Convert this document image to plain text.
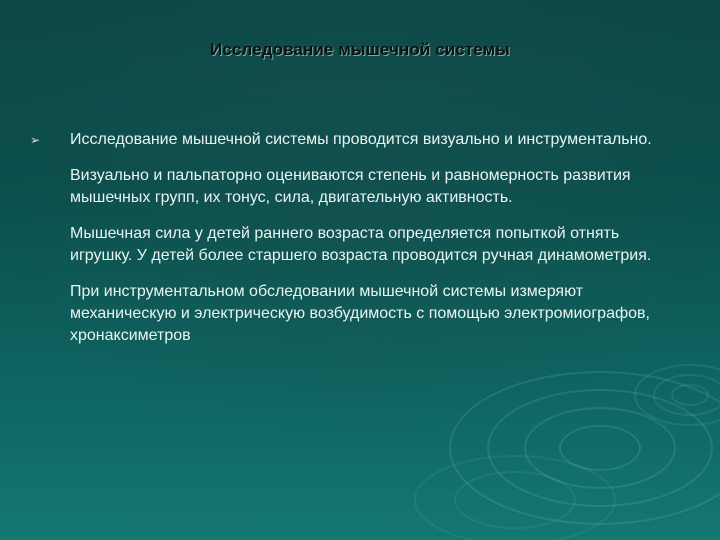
Исследование мышечной системы
➢ Исследование мышечной системы проводится визуально и инструментально.
Визуально и пальпаторно оцениваются степень и равномерность развития мышечных групп, их тонус, сила, двигательную активность.
Мышечная сила у детей раннего возраста определяется попыткой отнять игрушку. У детей более старшего возраста проводится ручная динамометрия.
При инструментальном обследовании мышечной системы измеряют механическую и электрическую возбудимость с помощью электромиографов, хронаксиметров
